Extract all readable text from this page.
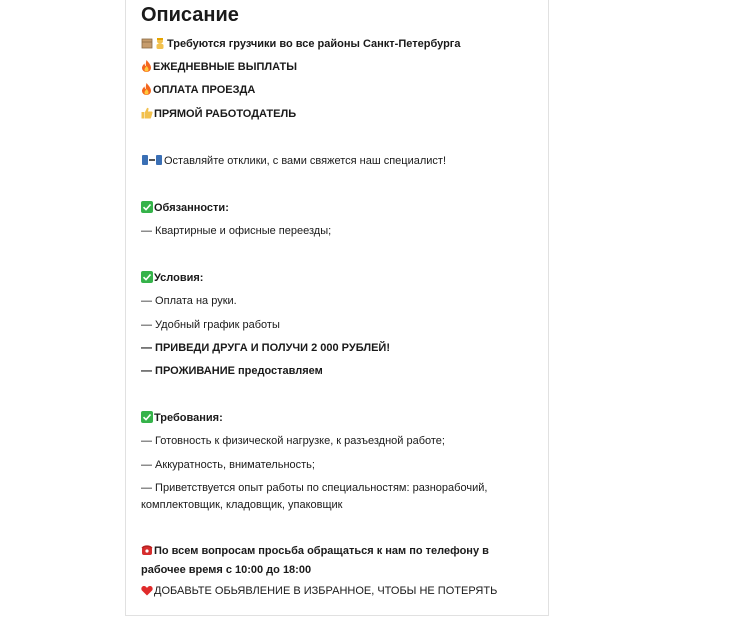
Описание
Требуются грузчики во все районы Санкт-Петербурга
ЕЖЕДНЕВНЫЕ ВЫПЛАТЫ
ОПЛАТА ПРОЕЗДА
ПРЯМОЙ РАБОТОДАТЕЛЬ
Оставляйте отклики, с вами свяжется наш специалист!
Обязанности:
— Квартирные и офисные переезды;
Условия:
— Оплата на руки.
— Удобный график работы
— ПРИВЕДИ ДРУГА И ПОЛУЧИ 2 000 РУБЛЕЙ!
— ПРОЖИВАНИЕ предоставляем
Требования:
— Готовность к физической нагрузке, к разъездной работе;
— Аккуратность, внимательность;
— Приветствуется опыт работы по специальностям: разнорабочий, комплектовщик, кладовщик, упаковщик
По всем вопросам просьба обращаться к нам по телефону в рабочее время с 10:00 до 18:00
ДОБАВЬТЕ ОБЬЯВЛЕНИЕ В ИЗБРАННОЕ, ЧТОБЫ НЕ ПОТЕРЯТЬ
